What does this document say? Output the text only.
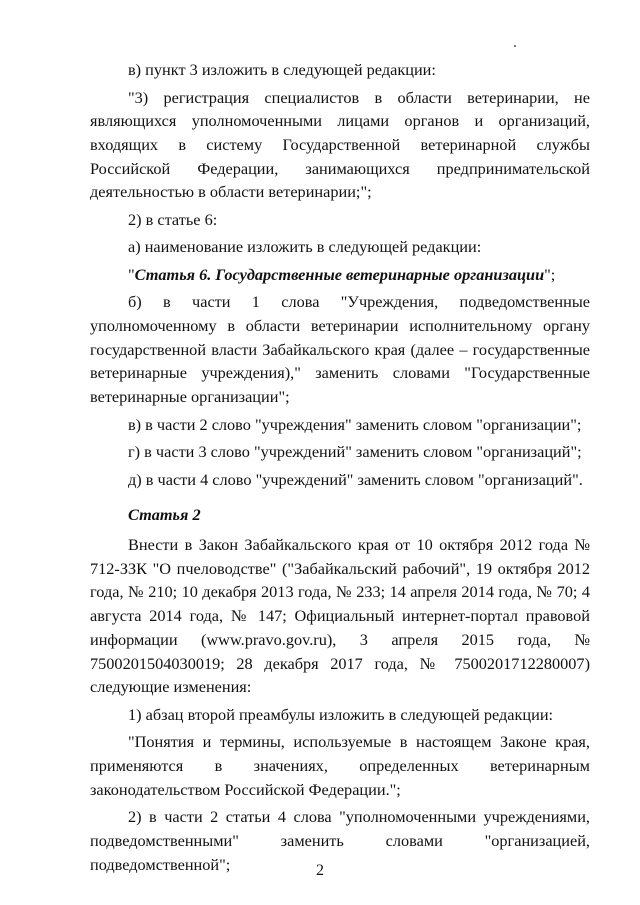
в) пункт 3 изложить в следующей редакции:

"3) регистрация специалистов в области ветеринарии, не являющихся уполномоченными лицами органов и организаций, входящих в систему Государственной ветеринарной службы Российской Федерации, занимающихся предпринимательской деятельностью в области ветеринарии;";

2) в статье 6:

а) наименование изложить в следующей редакции:

"Статья 6. Государственные ветеринарные организации";

б) в части 1 слова "Учреждения, подведомственные уполномоченному в области ветеринарии исполнительному органу государственной власти Забайкальского края (далее – государственные ветеринарные учреждения)," заменить словами "Государственные ветеринарные организации";

в) в части 2 слово "учреждения" заменить словом "организации";

г) в части 3 слово "учреждений" заменить словом "организаций";

д) в части 4 слово "учреждений" заменить словом "организаций".

Статья 2

Внести в Закон Забайкальского края от 10 октября 2012 года № 712-ЗЗК "О пчеловодстве" ("Забайкальский рабочий", 19 октября 2012 года, № 210; 10 декабря 2013 года, № 233; 14 апреля 2014 года, № 70; 4 августа 2014 года, № 147; Официальный интернет-портал правовой информации (www.pravo.gov.ru), 3 апреля 2015 года, № 7500201504030019; 28 декабря 2017 года, № 7500201712280007) следующие изменения:

1) абзац второй преамбулы изложить в следующей редакции:

"Понятия и термины, используемые в настоящем Законе края, применяются в значениях, определенных ветеринарным законодательством Российской Федерации.";

2) в части 2 статьи 4 слова "уполномоченными учреждениями, подведомственными" заменить словами "организацией, подведомственной";	2
